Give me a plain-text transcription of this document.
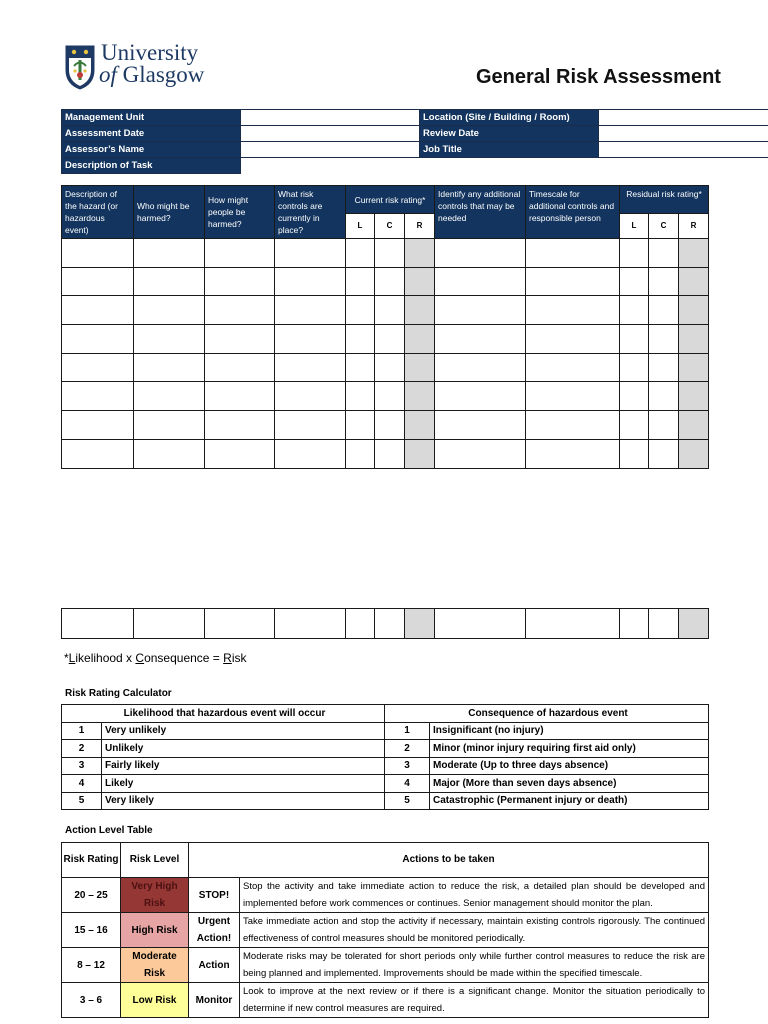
University
of Glasgow	General Risk Assessment
Management Unit		Location (Site / Building / Room)	
Assessment Date		Review Date	
Assessor’s Name		Job Title	
Description of Task			
Description of the hazard (or hazardous event)	Who might be harmed?	How might people be harmed?	What risk controls are currently in place?	Current risk rating*			Identify any additional controls that may be needed	Timescale for additional controls and responsible person	Residual risk rating*		
				L	C	R			L	C	R

*Likelihood x Consequence = Risk
Risk Rating Calculator
Likelihood that hazardous event will occur		Consequence of hazardous event	
1	Very unlikely	1	Insignificant (no injury)
2	Unlikely	2	Minor (minor injury requiring first aid only)
3	Fairly likely	3	Moderate (Up to three days absence)
4	Likely	4	Major (More than seven days absence)
5	Very likely	5	Catastrophic (Permanent injury or death)
Action Level Table
Risk Rating	Risk Level	Actions to be taken	
20 – 25	Very High Risk	STOP!	Stop the activity and take immediate action to reduce the risk, a detailed plan should be developed and implemented before work commences or continues. Senior management should monitor the plan.
15 – 16	High Risk	Urgent Action!	Take immediate action and stop the activity if necessary, maintain existing controls rigorously. The continued effectiveness of control measures should be monitored periodically.
8 – 12	Moderate Risk	Action	Moderate risks may be tolerated for short periods only while further control measures to reduce the risk are being planned and implemented. Improvements should be made within the specified timescale.
3 – 6	Low Risk	Monitor	Look to improve at the next review or if there is a significant change. Monitor the situation periodically to determine if new control measures are required.
